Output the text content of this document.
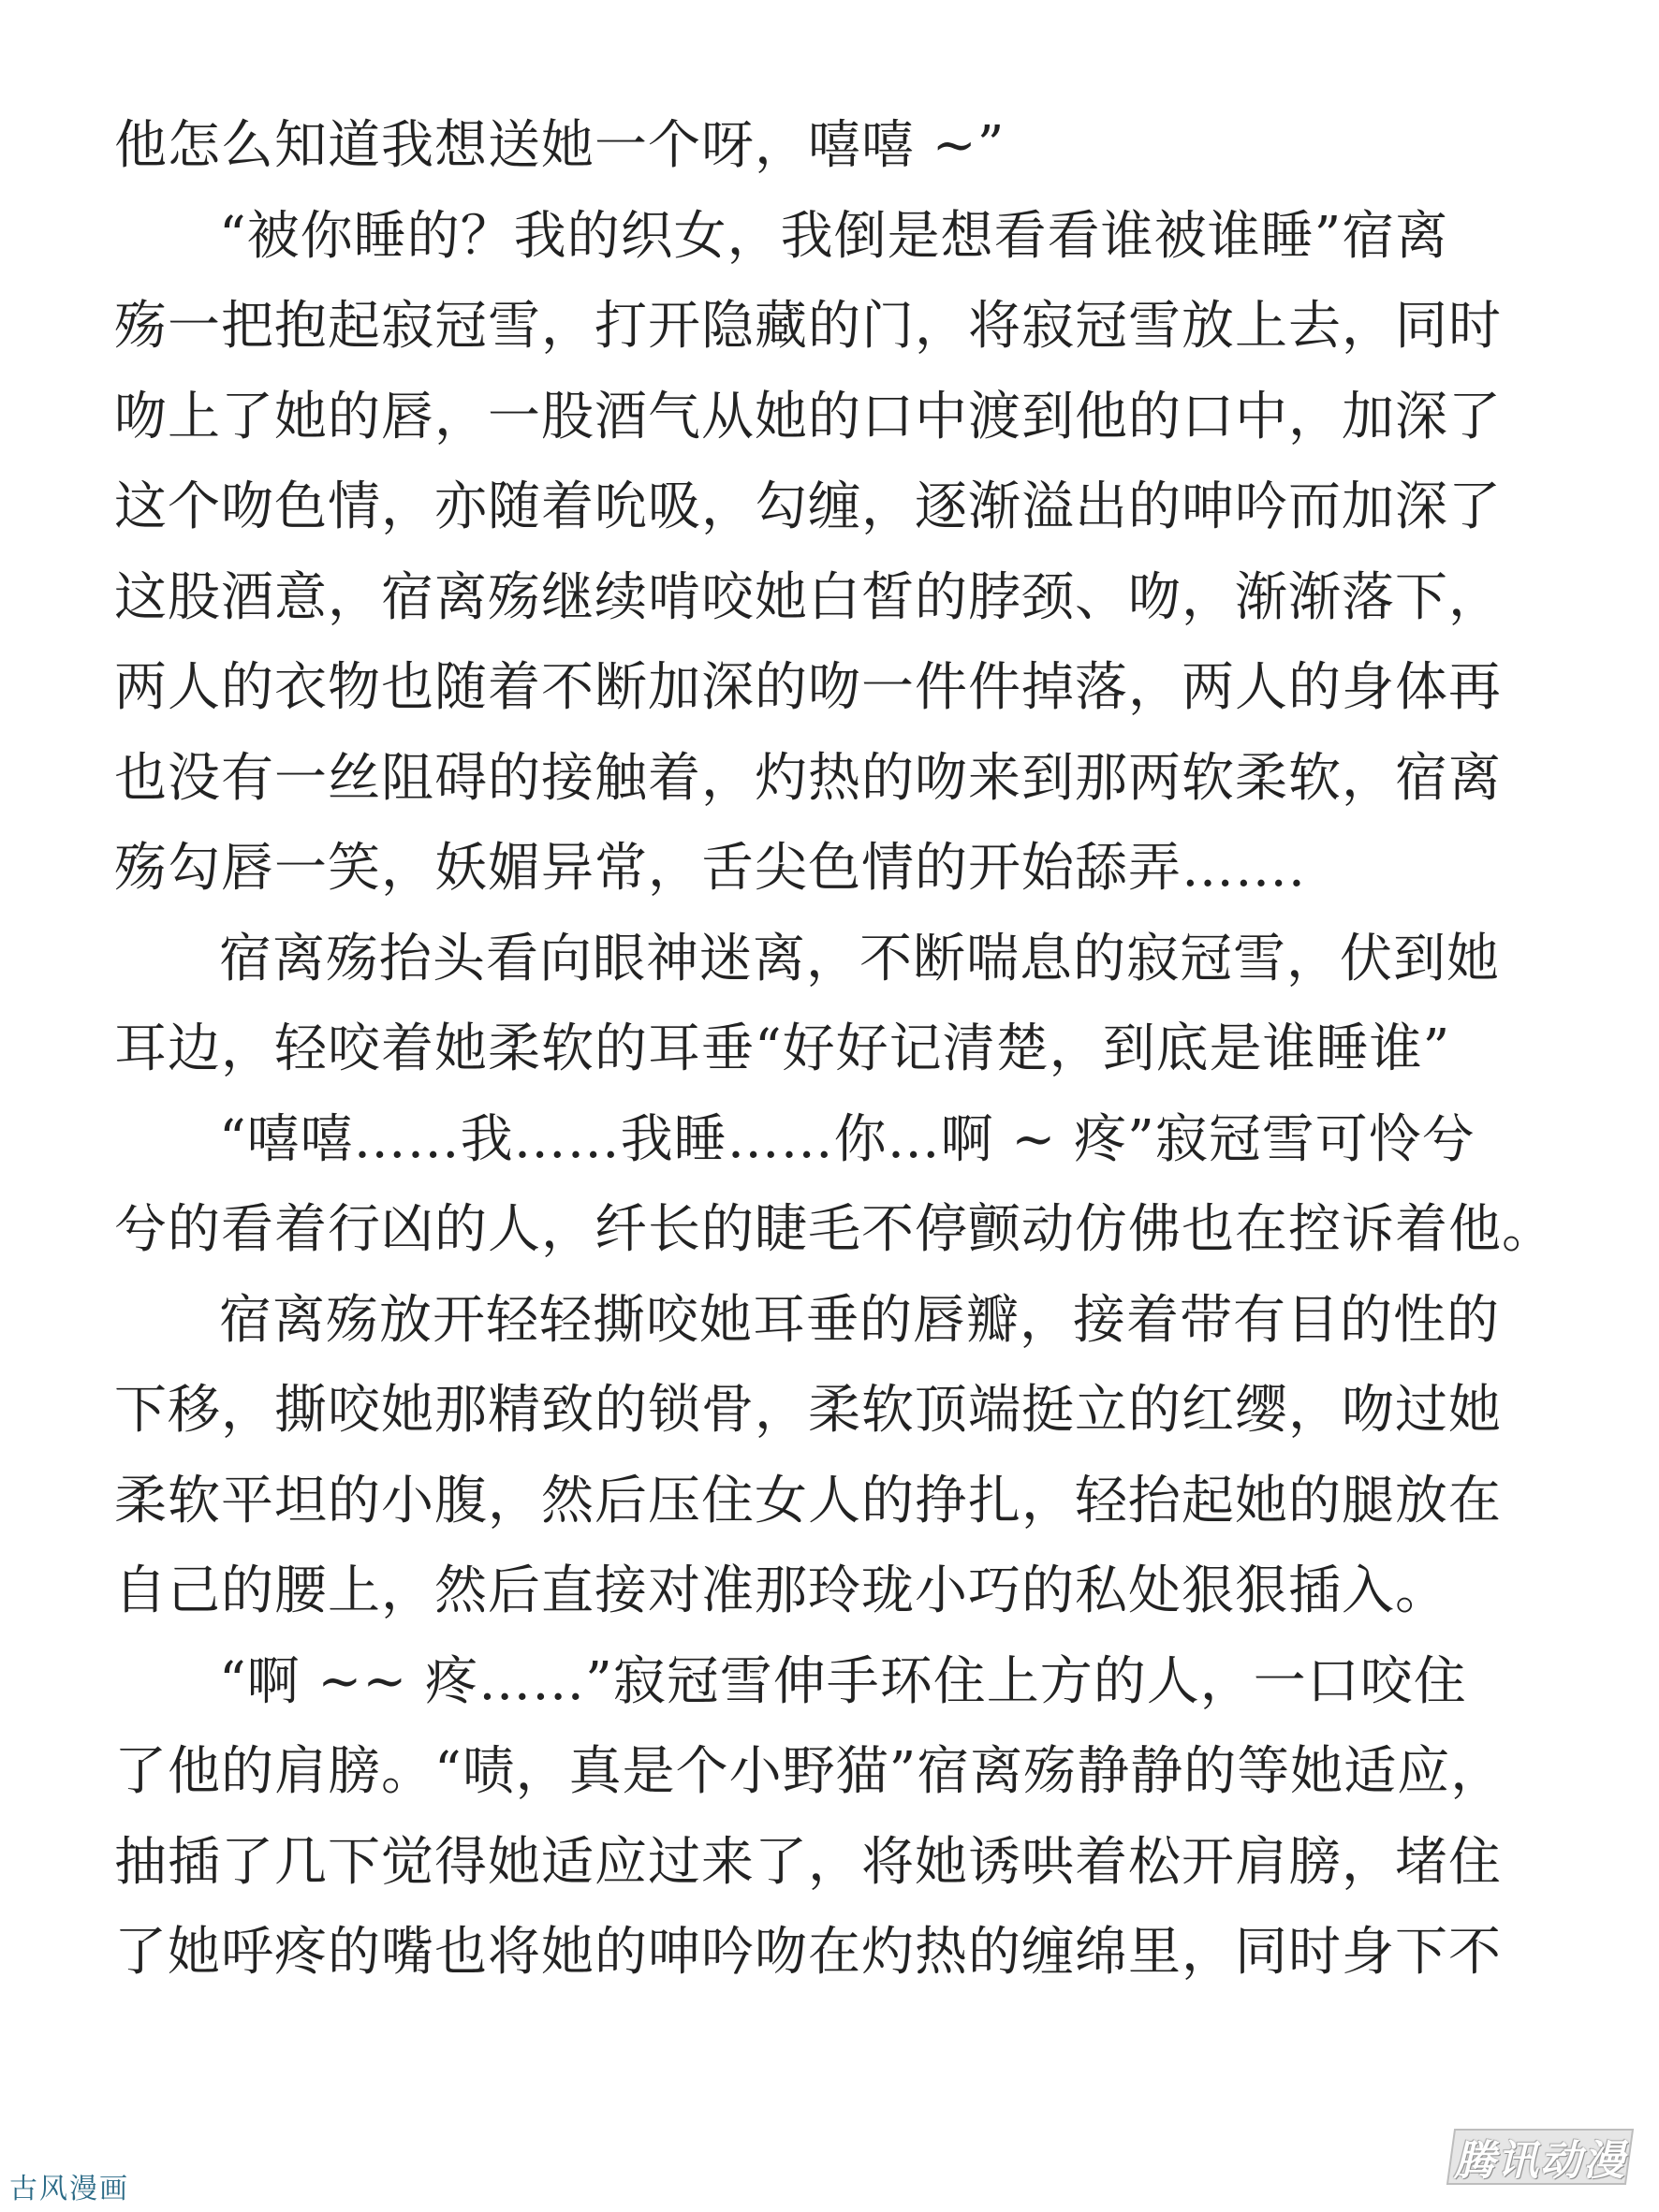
他怎么知道我想送她一个呀，嘻嘻 ~”
“被你睡的？我的织女，我倒是想看看谁被谁睡”宿离
殇一把抱起寂冠雪，打开隐藏的门，将寂冠雪放上去，同时
吻上了她的唇，一股酒气从她的口中渡到他的口中，加深了
这个吻色情，亦随着吮吸，勾缠，逐渐溢出的呻吟而加深了
这股酒意，宿离殇继续啃咬她白皙的脖颈、吻，渐渐落下，
两人的衣物也随着不断加深的吻一件件掉落，两人的身体再
也没有一丝阻碍的接触着，灼热的吻来到那两软柔软，宿离
殇勾唇一笑，妖媚异常，舌尖色情的开始舔弄…….
宿离殇抬头看向眼神迷离，不断喘息的寂冠雪，伏到她
耳边，轻咬着她柔软的耳垂“好好记清楚，到底是谁睡谁”
“嘻嘻……我……我睡……你…啊 ~ 疼”寂冠雪可怜兮
兮的看着行凶的人，纤长的睫毛不停颤动仿佛也在控诉着他。
宿离殇放开轻轻撕咬她耳垂的唇瓣，接着带有目的性的
下移，撕咬她那精致的锁骨，柔软顶端挺立的红缨，吻过她
柔软平坦的小腹，然后压住女人的挣扎，轻抬起她的腿放在
自己的腰上，然后直接对准那玲珑小巧的私处狠狠插入。
“啊 ~~ 疼……”寂冠雪伸手环住上方的人，一口咬住
了他的肩膀。“啧，真是个小野猫”宿离殇静静的等她适应，
抽插了几下觉得她适应过来了，将她诱哄着松开肩膀，堵住
了她呼疼的嘴也将她的呻吟吻在灼热的缠绵里，同时身下不
古风漫画
腾讯动漫
